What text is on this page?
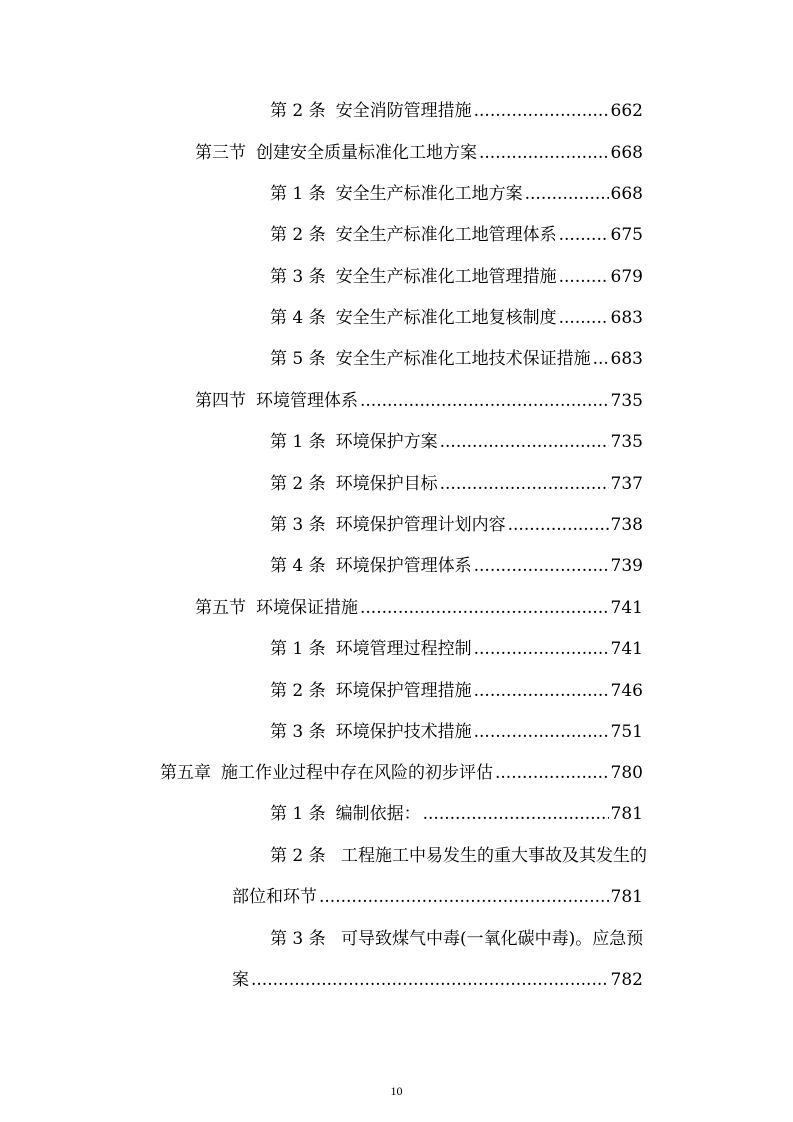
第 2 条 安全消防管理措施 .....	662
第三节 创建安全质量标准化工地方案 .....	668
第 1 条 安全生产标准化工地方案 .....	668
第 2 条 安全生产标准化工地管理体系 .....	675
第 3 条 安全生产标准化工地管理措施 .....	679
第 4 条 安全生产标准化工地复核制度 .....	683
第 5 条 安全生产标准化工地技术保证措施 ..... 683
第四节 环境管理体系 .....	735
第 1 条 环境保护方案 .....	735
第 2 条 环境保护目标 .....	737
第 3 条 环境保护管理计划内容 .....	738
第 4 条 环境保护管理体系 .....	739
第五节 环境保证措施 .....	741
第 1 条 环境管理过程控制 .....	741
第 2 条 环境保护管理措施 .....	746
第 3 条 环境保护技术措施 .....	751
第五章 施工作业过程中存在风险的初步评估 .....	780
第 1 条 编制依据： .....	781
第 2 条 工程施工中易发生的重大事故及其发生的
部位和环节 .....	781
第 3 条 可导致煤气中毒(一氧化碳中毒)。应急预
案 .....	782
10
